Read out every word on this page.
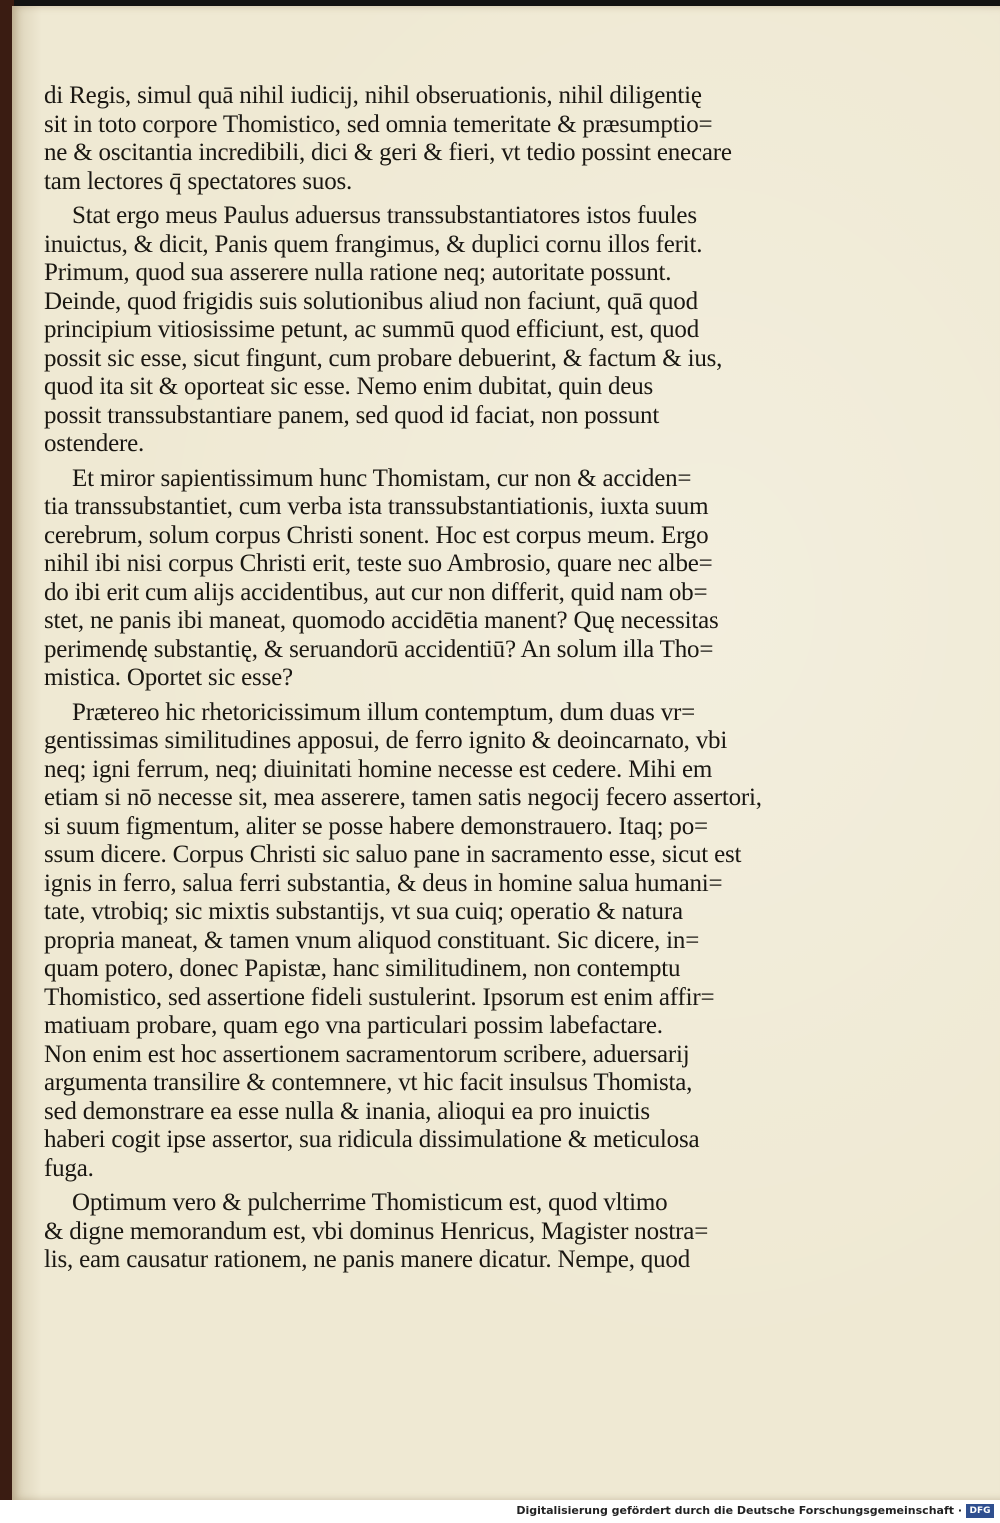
di Regis, simul quā nihil iudicij, nihil obseruationis, nihil diligentię
sit in toto corpore Thomistico, sed omnia temeritate & præsumptio=
ne & oscitantia incredibili, dici & geri & fieri, vt tedio possint enecare
tam lectores q̄ spectatores suos.
Stat ergo meus Paulus aduersus transsubstantiatores istos fuules
inuictus, & dicit, Panis quem frangimus, & duplici cornu illos ferit.
Primum, quod sua asserere nulla ratione neq; autoritate possunt.
Deinde, quod frigidis suis solutionibus aliud non faciunt, quā quod
principium vitiosissime petunt, ac summū quod efficiunt, est, quod
possit sic esse, sicut fingunt, cum probare debuerint, & factum & ius,
quod ita sit & oporteat sic esse. Nemo enim dubitat, quin deus
possit transsubstantiare panem, sed quod id faciat, non possunt
ostendere.
Et miror sapientissimum hunc Thomistam, cur non & acciden=
tia transsubstantiet, cum verba ista transsubstantiationis, iuxta suum
cerebrum, solum corpus Christi sonent. Hoc est corpus meum. Ergo
nihil ibi nisi corpus Christi erit, teste suo Ambrosio, quare nec albe=
do ibi erit cum alijs accidentibus, aut cur non differit, quid nam ob=
stet, ne panis ibi maneat, quomodo accidētia manent? Quę necessitas
perimendę substantię, & seruandorū accidentiū? An solum illa Tho=
mistica. Oportet sic esse?
Prætereo hic rhetoricissimum illum contemptum, dum duas vr=
gentissimas similitudines apposui, de ferro ignito & deoincarnato, vbi
neq; igni ferrum, neq; diuinitati homine necesse est cedere. Mihi em
etiam si nō necesse sit, mea asserere, tamen satis negocij fecero assertori,
si suum figmentum, aliter se posse habere demonstrauero. Itaq; po=
ssum dicere. Corpus Christi sic saluo pane in sacramento esse, sicut est
ignis in ferro, salua ferri substantia, & deus in homine salua humani=
tate, vtrobiq; sic mixtis substantijs, vt sua cuiq; operatio & natura
propria maneat, & tamen vnum aliquod constituant. Sic dicere, in=
quam potero, donec Papistæ, hanc similitudinem, non contemptu
Thomistico, sed assertione fideli sustulerint. Ipsorum est enim affir=
matiuam probare, quam ego vna particulari possim labefactare.
Non enim est hoc assertionem sacramentorum scribere, aduersarij
argumenta transilire & contemnere, vt hic facit insulsus Thomista,
sed demonstrare ea esse nulla & inania, alioqui ea pro inuictis
haberi cogit ipse assertor, sua ridicula dissimulatione & meticulosa
fuga.
Optimum vero & pulcherrime Thomisticum est, quod vltimo
& digne memorandum est, vbi dominus Henricus, Magister nostra=
lis, eam causatur rationem, ne panis manere dicatur. Nempe, quod
Digitalisierung gefördert durch die Deutsche Forschungsgemeinschaft · DFG
